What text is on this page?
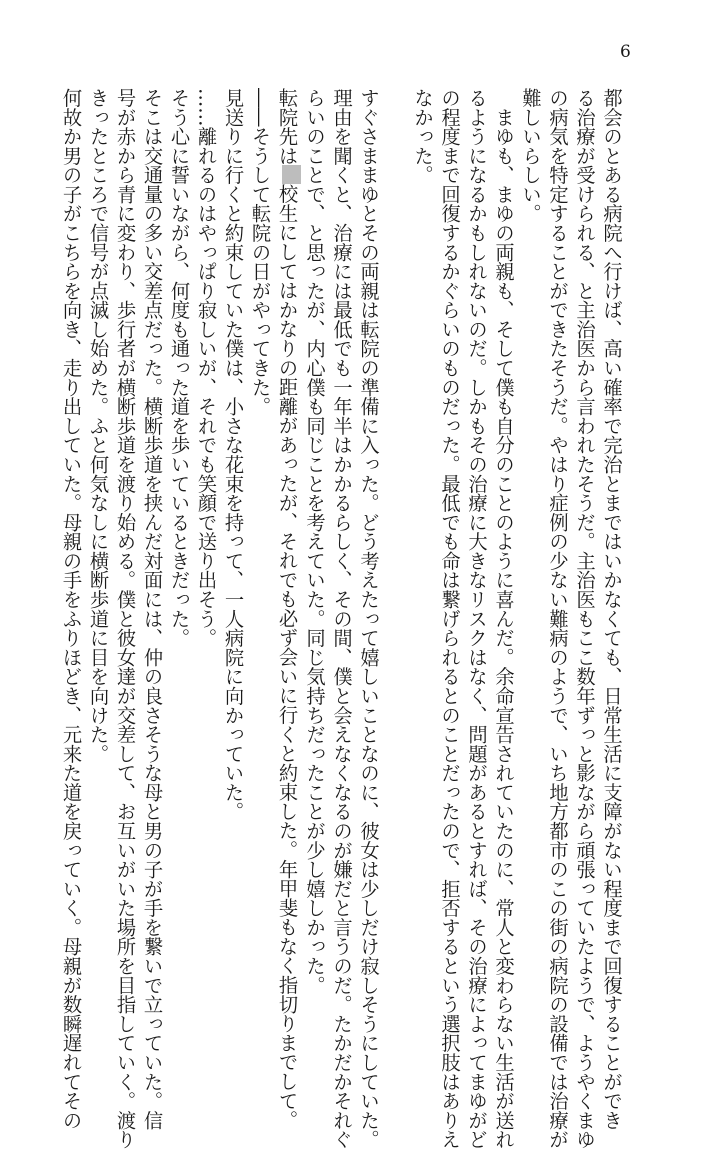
6
都会のとある病院へ行けば、高い確率で完治とまではいかなくても、日常生活に支障がない程度まで回復することができ
る治療が受けられる、と主治医から言われたそうだ。主治医もここ数年ずっと影ながら頑張っていたようで、ようやくまゆ
の病気を特定することができたそうだ。やはり症例の少ない難病のようで、いち地方都市のこの街の病院の設備では治療が
難しいらしい。
　まゆも、まゆの両親も、そして僕も自分のことのように喜んだ。余命宣告されていたのに、常人と変わらない生活が送れ
るようになるかもしれないのだ。しかもその治療に大きなリスクはなく、問題があるとすれば、その治療によってまゆがど
の程度まで回復するかぐらいのものだった。最低でも命は繋げられるとのことだったので、拒否するという選択肢はありえ
なかった。

すぐさままゆとその両親は転院の準備に入った。どう考えたって嬉しいことなのに、彼女は少しだけ寂しそうにしていた。
理由を聞くと、治療には最低でも一年半はかかるらしく、その間、僕と会えなくなるのが嫌だと言うのだ。たかだかそれぐ
らいのことで、と思ったが、内心僕も同じことを考えていた。同じ気持ちだったことが少し嬉しかった。
転院先は校生にしてはかなりの距離があったが、それでも必ず会いに行くと約束した。年甲斐もなく指切りまでして。
――そうして転院の日がやってきた。
見送りに行くと約束していた僕は、小さな花束を持って、一人病院に向かっていた。
……離れるのはやっぱり寂しいが、それでも笑顔で送り出そう。
そう心に誓いながら、何度も通った道を歩いているときだった。
そこは交通量の多い交差点だった。横断歩道を挟んだ対面には、仲の良さそうな母と男の子が手を繋いで立っていた。信
号が赤から青に変わり、歩行者が横断歩道を渡り始める。僕と彼女達が交差して、お互いがいた場所を目指していく。渡り
きったところで信号が点滅し始めた。ふと何気なしに横断歩道に目を向けた。
何故か男の子がこちらを向き、走り出していた。母親の手をふりほどき、元来た道を戻っていく。母親が数瞬遅れてその
